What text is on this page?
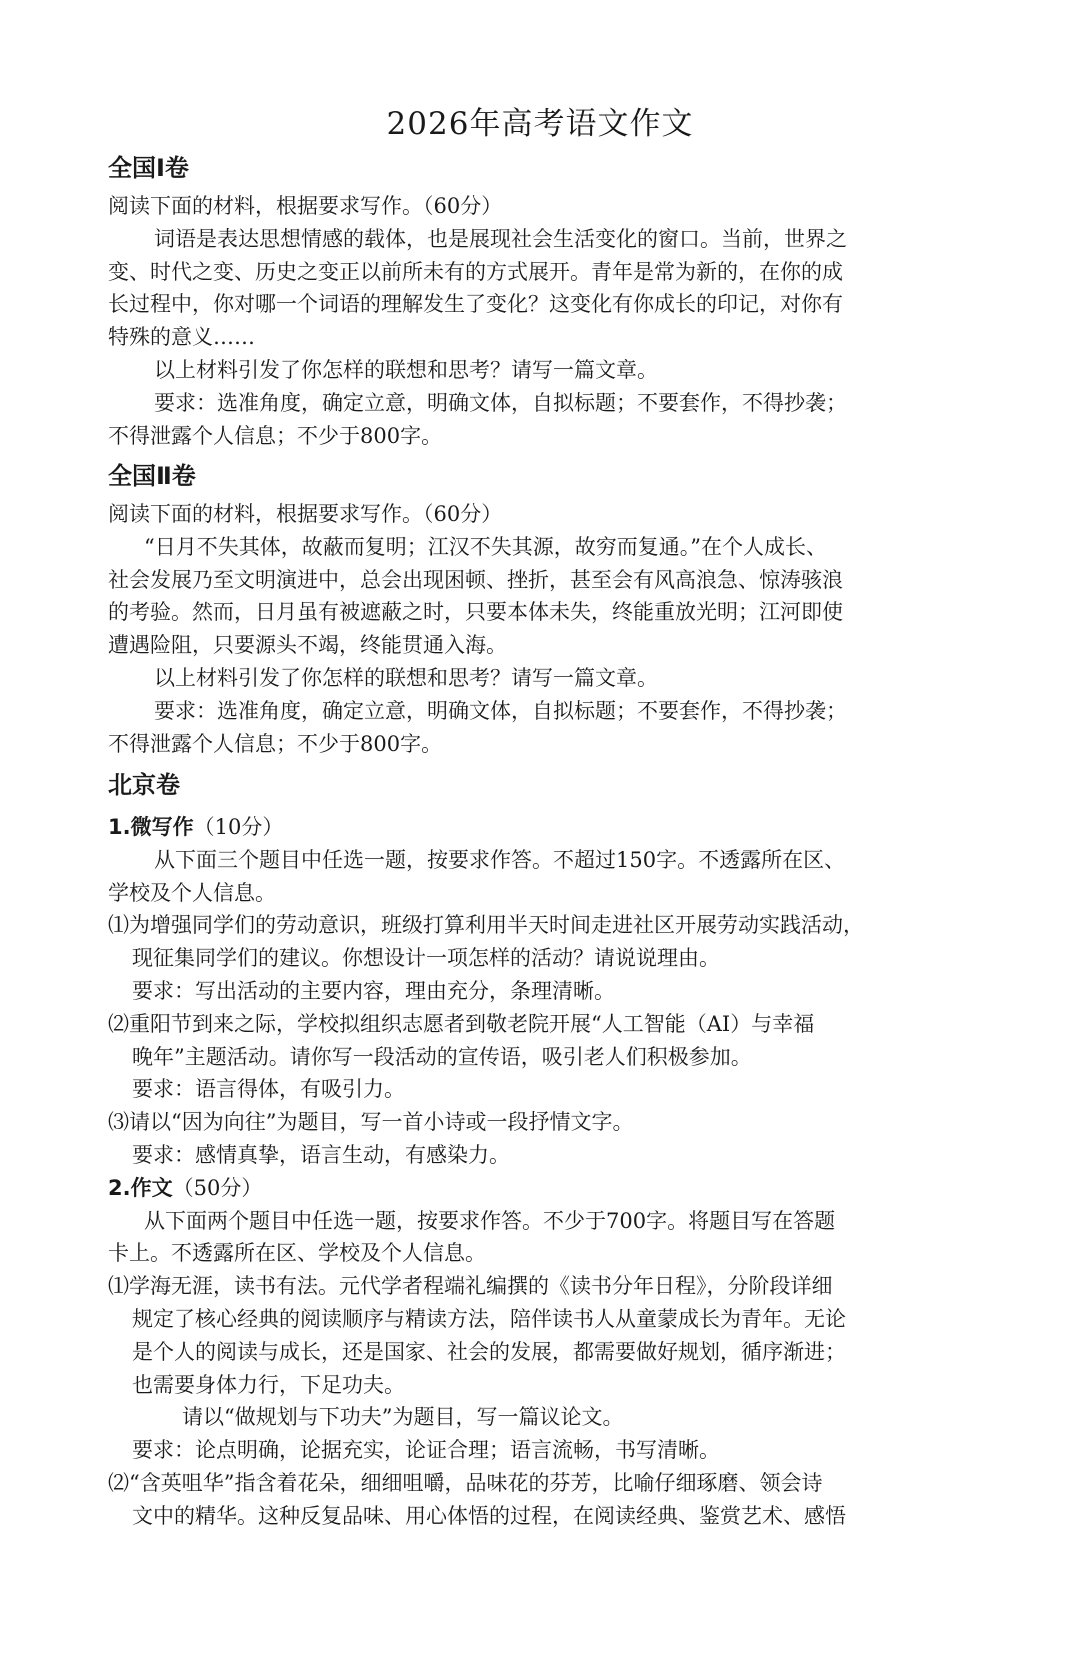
2026年高考语文作文
全国Ⅰ卷
阅读下面的材料，根据要求写作。（60分）
词语是表达思想情感的载体，也是展现社会生活变化的窗口。当前，世界之
变、时代之变、历史之变正以前所未有的方式展开。青年是常为新的，在你的成
长过程中，你对哪一个词语的理解发生了变化？这变化有你成长的印记，对你有
特殊的意义……
以上材料引发了你怎样的联想和思考？请写一篇文章。
要求：选准角度，确定立意，明确文体，自拟标题；不要套作，不得抄袭；
不得泄露个人信息；不少于800字。
全国Ⅱ卷
阅读下面的材料，根据要求写作。（60分）
“日月不失其体，故蔽而复明；江汉不失其源，故穷而复通。”在个人成长、
社会发展乃至文明演进中，总会出现困顿、挫折，甚至会有风高浪急、惊涛骇浪
的考验。然而，日月虽有被遮蔽之时，只要本体未失，终能重放光明；江河即使
遭遇险阻，只要源头不竭，终能贯通入海。
以上材料引发了你怎样的联想和思考？请写一篇文章。
要求：选准角度，确定立意，明确文体，自拟标题；不要套作，不得抄袭；
不得泄露个人信息；不少于800字。
北京卷
1.微写作（10分）
从下面三个题目中任选一题，按要求作答。不超过150字。不透露所在区、
学校及个人信息。
⑴为增强同学们的劳动意识，班级打算利用半天时间走进社区开展劳动实践活动，
现征集同学们的建议。你想设计一项怎样的活动？请说说理由。
要求：写出活动的主要内容，理由充分，条理清晰。
⑵重阳节到来之际，学校拟组织志愿者到敬老院开展“人工智能（AI）与幸福
晚年”主题活动。请你写一段活动的宣传语，吸引老人们积极参加。
要求：语言得体，有吸引力。
⑶请以“因为向往”为题目，写一首小诗或一段抒情文字。
要求：感情真挚，语言生动，有感染力。
2.作文（50分）
从下面两个题目中任选一题，按要求作答。不少于700字。将题目写在答题
卡上。不透露所在区、学校及个人信息。
⑴学海无涯，读书有法。元代学者程端礼编撰的《读书分年日程》，分阶段详细
规定了核心经典的阅读顺序与精读方法，陪伴读书人从童蒙成长为青年。无论
是个人的阅读与成长，还是国家、社会的发展，都需要做好规划，循序渐进；
也需要身体力行，下足功夫。
请以“做规划与下功夫”为题目，写一篇议论文。
要求：论点明确，论据充实，论证合理；语言流畅，书写清晰。
⑵“含英咀华”指含着花朵，细细咀嚼，品味花的芬芳，比喻仔细琢磨、领会诗
文中的精华。这种反复品味、用心体悟的过程，在阅读经典、鉴赏艺术、感悟
